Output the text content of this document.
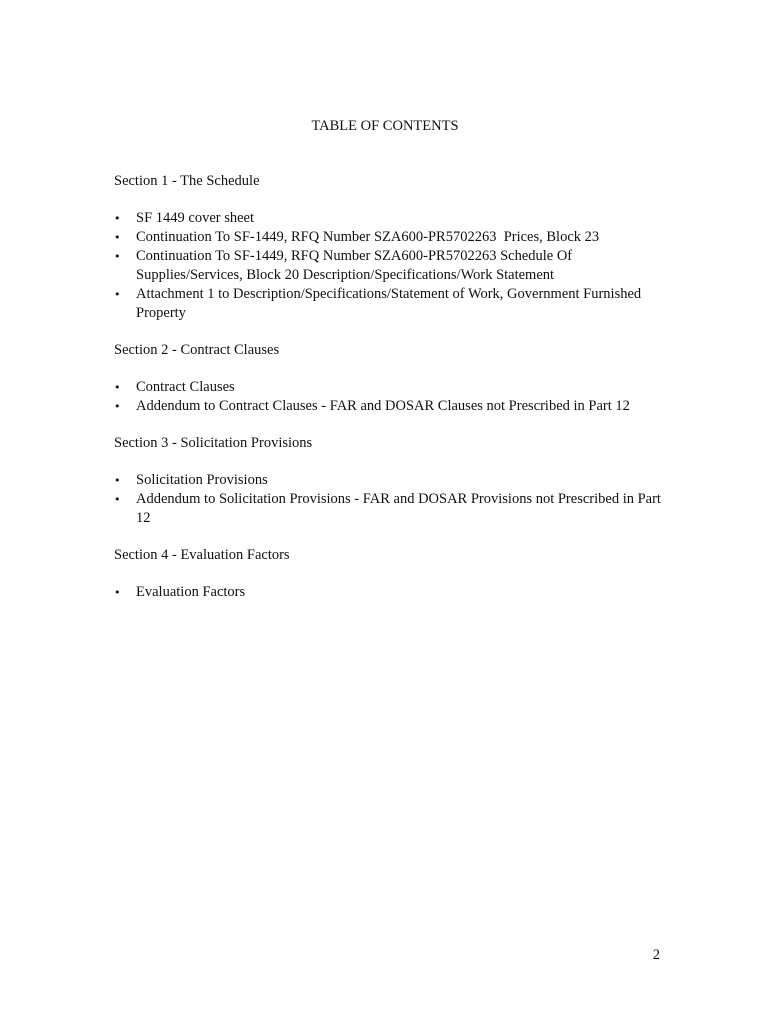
TABLE OF CONTENTS

Section 1 - The Schedule

•	SF 1449 cover sheet
•	Continuation To SF-1449, RFQ Number SZA600-PR5702263  Prices, Block 23
•	Continuation To SF-1449, RFQ Number SZA600-PR5702263 Schedule Of Supplies/Services, Block 20 Description/Specifications/Work Statement
•	Attachment 1 to Description/Specifications/Statement of Work, Government Furnished Property

Section 2 - Contract Clauses

•	Contract Clauses
•	Addendum to Contract Clauses - FAR and DOSAR Clauses not Prescribed in Part 12

Section 3 - Solicitation Provisions

•	Solicitation Provisions
•	Addendum to Solicitation Provisions - FAR and DOSAR Provisions not Prescribed in Part 12

Section 4 - Evaluation Factors

•	Evaluation Factors
2
